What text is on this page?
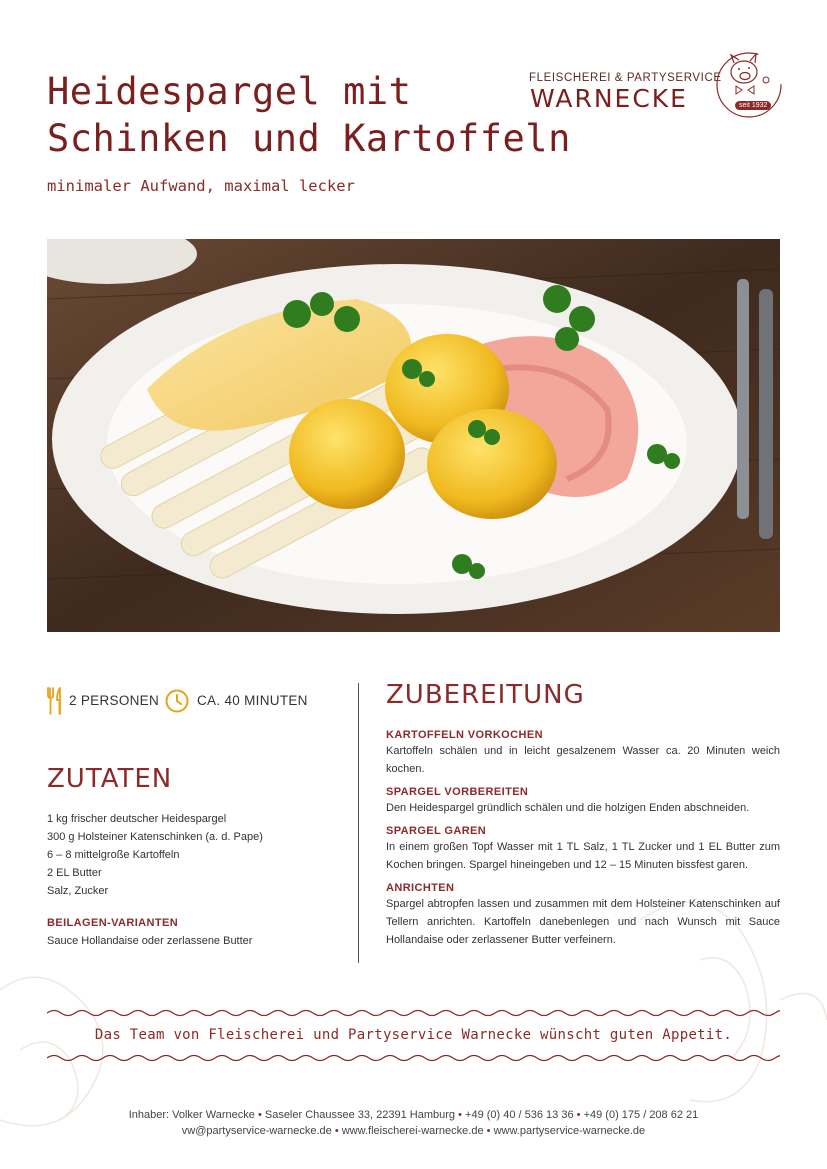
Heidespargel mit
Schinken und Kartoffeln
minimaler Aufwand, maximal lecker
FLEISCHEREI & PARTYSERVICE
WARNECKE	seit 1932
2 PERSONEN	CA. 40 MINUTEN
ZUTATEN
1 kg frischer deutscher Heidespargel
300 g Holsteiner Katenschinken (a. d. Pape)
6 – 8 mittelgroße Kartoffeln
2 EL Butter
Salz, Zucker
BEILAGEN-VARIANTEN
Sauce Hollandaise oder zerlassene Butter
ZUBEREITUNG
KARTOFFELN VORKOCHEN
Kartoffeln schälen und in leicht gesalzenem Wasser ca. 20 Minuten weich kochen.
SPARGEL VORBEREITEN
Den Heidespargel gründlich schälen und die holzigen Enden abschneiden.
SPARGEL GAREN
In einem großen Topf Wasser mit 1 TL Salz, 1 TL Zucker und 1 EL Butter zum Kochen bringen. Spargel hineingeben und 12 – 15 Minuten bissfest garen.
ANRICHTEN
Spargel abtropfen lassen und zusammen mit dem Holsteiner Katenschinken auf Tellern anrichten. Kartoffeln danebenlegen und nach Wunsch mit Sauce Hollandaise oder zerlassener Butter verfeinern.
Das Team von Fleischerei und Partyservice Warnecke wünscht guten Appetit.
Inhaber: Volker Warnecke • Saseler Chaussee 33, 22391 Hamburg • +49 (0) 40 / 536 13 36 • +49 (0) 175 / 208 62 21
vw@partyservice-warnecke.de • www.fleischerei-warnecke.de • www.partyservice-warnecke.de
